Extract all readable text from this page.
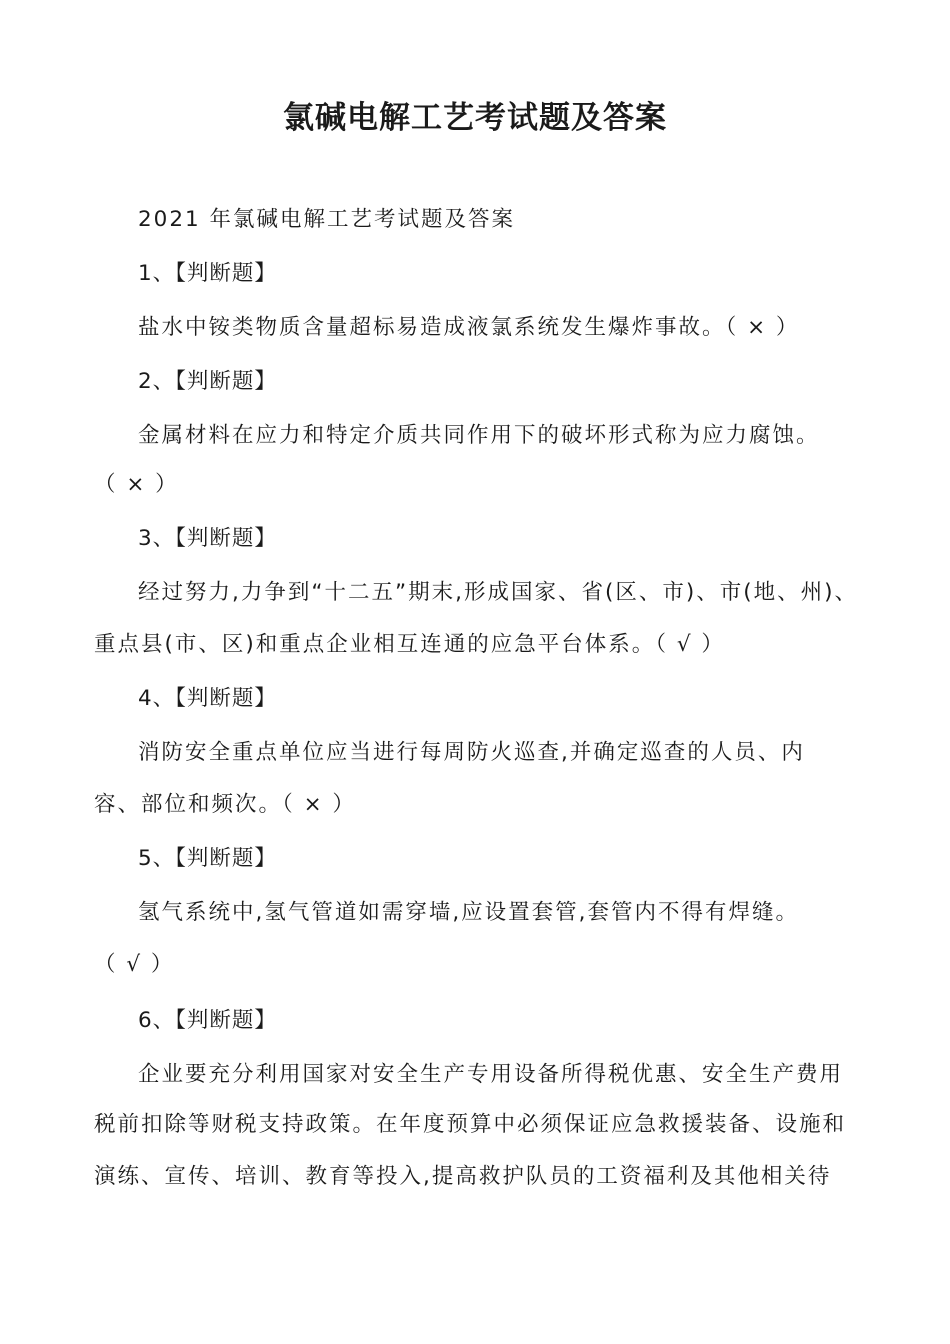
氯碱电解工艺考试题及答案

2021 年氯碱电解工艺考试题及答案

1、【判断题】

盐水中铵类物质含量超标易造成液氯系统发生爆炸事故。（ × ）

2、【判断题】

金属材料在应力和特定介质共同作用下的破坏形式称为应力腐蚀。

（ × ）

3、【判断题】

经过努力,力争到“十二五”期末,形成国家、省(区、市)、市(地、州)、

重点县(市、区)和重点企业相互连通的应急平台体系。（ √ ）

4、【判断题】

消防安全重点单位应当进行每周防火巡查,并确定巡查的人员、内

容、部位和频次。（ × ）

5、【判断题】

氢气系统中,氢气管道如需穿墙,应设置套管,套管内不得有焊缝。

（ √ ）

6、【判断题】

企业要充分利用国家对安全生产专用设备所得税优惠、安全生产费用

税前扣除等财税支持政策。在年度预算中必须保证应急救援装备、设施和

演练、宣传、培训、教育等投入,提高救护队员的工资福利及其他相关待
